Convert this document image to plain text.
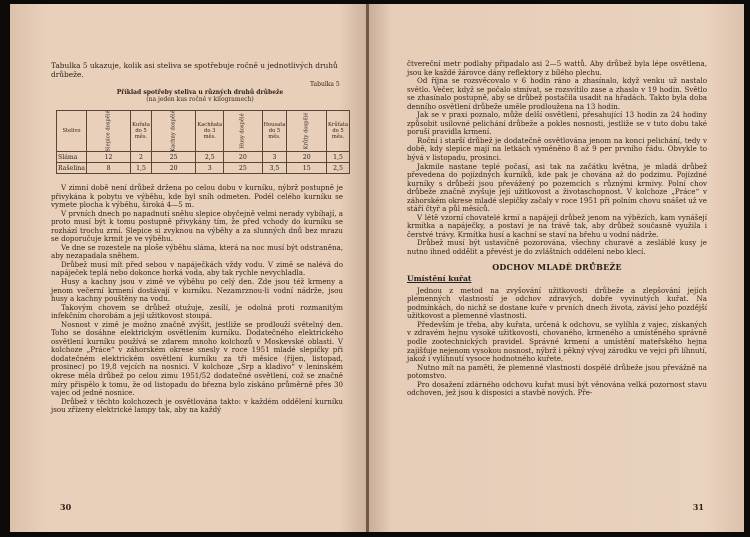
Tabulka 5 ukazuje, kolik asi steliva se spotřebuje ročně u jednotlivých druhů drůbeže.
Tabulka 5
Příklad spotřeby steliva u různých druhů drůbeže
(na jeden kus ročně v kilogramech)
Stelivo	Slepice dospělé	Kuřata do 5 měs.	Kachny dospělé	Kachňata do 3 měs.	Husy dospělé	Housata do 5 měs.	Krůty dospělé	Krůťata do 5 měs.
Sláma	12	2	25	2,5	20	3	20	1,5
Rašelina	8	1,5	20	3	25	3,5	15	2,5

V zimní době není drůbež držena po celou dobu v kurníku, nýbrž postupně je přivykána k pobytu ve výběhu, kde byl sníh odmeten. Podél celého kurníku se vymete plocha k výběhu, široká 4—5 m.

V prvních dnech po napadnutí sněhu slepice obyčejně velmi nerady vybíhají, a proto musí být k tomu postupně přivykány tím, že před vchody do kurníku se rozhází trochu zrní. Slepice si zvyknou na výběhy a za slunných dnů bez mrazu se doporučuje krmit je ve výběhu.

Ve dne se rozestele na ploše výběhu sláma, která na noc musí být odstraněna, aby nezapadala sněhem.

Drůbež musí mít před sebou v napáječkách vždy vodu. V zimě se nalévá do napáječek teplá nebo dokonce horká voda, aby tak rychle nevychladla.

Husy a kachny jsou v zimě ve výběhu po celý den. Zde jsou též krmeny a jenom večerní krmení dostávají v kurníku. Nezamrznou-li vodní nádrže, jsou husy a kachny pouštěny na vodu.

Takovým chovem se drůbež otužuje, zesílí, je odolná proti rozmanitým infekčním chorobám a její užitkovost stoupá.

Nosnost v zimě je možno značně zvýšit, jestliže se prodlouží světelný den. Toho se dosáhne elektrickým osvětlením kurníku. Dodatečného elektrického osvětlení kurníku používá se zdarem mnoho kolchozů v Moskevské oblasti. V kolchoze „Práce“ v záhorském okrese snesly v roce 1951 mladé slepičky při dodatečném elektrickém osvětlení kurníku za tři měsíce (říjen, listopad, prosinec) po 19,8 vejcích na nosnici. V kolchoze „Srp a kladivo“ v leninském okrese měla drůbež po celou zimu 1951/52 dodatečné osvětlení, což se značně míry přispělo k tomu, že od listopadu do března bylo získáno průměrně přes 30 vajec od jedné nosnice.

Drůbež v těchto kolchozech je osvětlována takto: v každém oddělení kurníku jsou zřízeny elektrické lampy tak, aby na každý

30

čtvereční metr podlahy připadalo asi 2—5 wattů. Aby drůbež byla lépe osvětlena, jsou ke každé žárovce dány reflektory z bílého plechu.

Od října se rozsvěcovalo v 6 hodin ráno a zhasínalo, když venku už nastalo světlo. Večer, když se počalo stmívat, se rozsvítilo zase a zhaslo v 19 hodin. Světlo se zhasínalo postupně, aby se drůbež postačila usadit na hřadách. Takto byla doba denního osvětlení drůbeže uměle prodloužena na 13 hodin.

Jak se v praxi poznalo, může delší osvětlení, přesahující 13 hodin za 24 hodiny způsobit usilovné pelichání drůbeže a pokles nosnosti, jestliže se v tuto dobu také poruší pravidla krmení.

Roční i starší drůbež je dodatečně osvětlována jenom na konci pelichání, tedy v době, kdy slepice mají na letkách vyměněno 8 až 9 per prvního řádu. Obvykle to bývá v listopadu, prosinci.

Jakmile nastane teplé počasí, asi tak na začátku května, je mladá drůbež převedena do pojízdných kurníků, kde pak je chována až do podzimu. Pojízdné kurníky s drůbeží jsou převážený po pozemcích s různými krmivy. Polní chov drůbeže značně zvyšuje její užitkovost a životaschopnost. V kolchoze „Práce“ v záhorském okrese mladé slepičky začaly v roce 1951 při polním chovu snášet už ve stáří čtyř a půl měsíců.

V létě vzorní chovatelé krmí a napájejí drůbež jenom na výbězích, kam vynášejí krmítka a napáječky, a postaví je na trávě tak, aby drůbež současně využila i čerstvé trávy. Krmítka husí a kachní se staví na břehu u vodní nádrže.

Drůbež musí být ustavičně pozorována, všechny churavé a zesláblé kusy je nutno ihned oddělit a převést je do zvláštních oddělení nebo klecí.

ODCHOV MLADÉ DRŮBEŽE
Umístění kuřat

Jednou z metod na zvyšování užitkovosti drůbeže a zlepšování jejích plemenných vlastností je odchov zdravých, dobře vyvinutých kuřat. Na podmínkách, do nichž se dostane kuře v prvních dnech života, závisí jeho pozdější užitkovost a plemenné vlastnosti.

Především je třeba, aby kuřata, určená k odchovu, se vylíhla z vajec, získaných v zdravém hejnu vysoké užitkovosti, chovaného, krmeného a umístěného správně podle zootechnických pravidel. Správné krmení a umístění mateřského hejna zajišťuje nejenom vysokou nosnost, nýbrž i pěkný vývoj zárodku ve vejci při líhnutí, jakož i vylíhnutí vysoce hodnotného kuřete.

Nutno mít na paměti, že plemenné vlastnosti dospělé drůbeže jsou převážně na potomstvo.

Pro dosažení zdárného odchovu kuřat musí být věnována velká pozornost stavu odchoven, jež jsou k disposici a stavbě nových. Pře-

31
